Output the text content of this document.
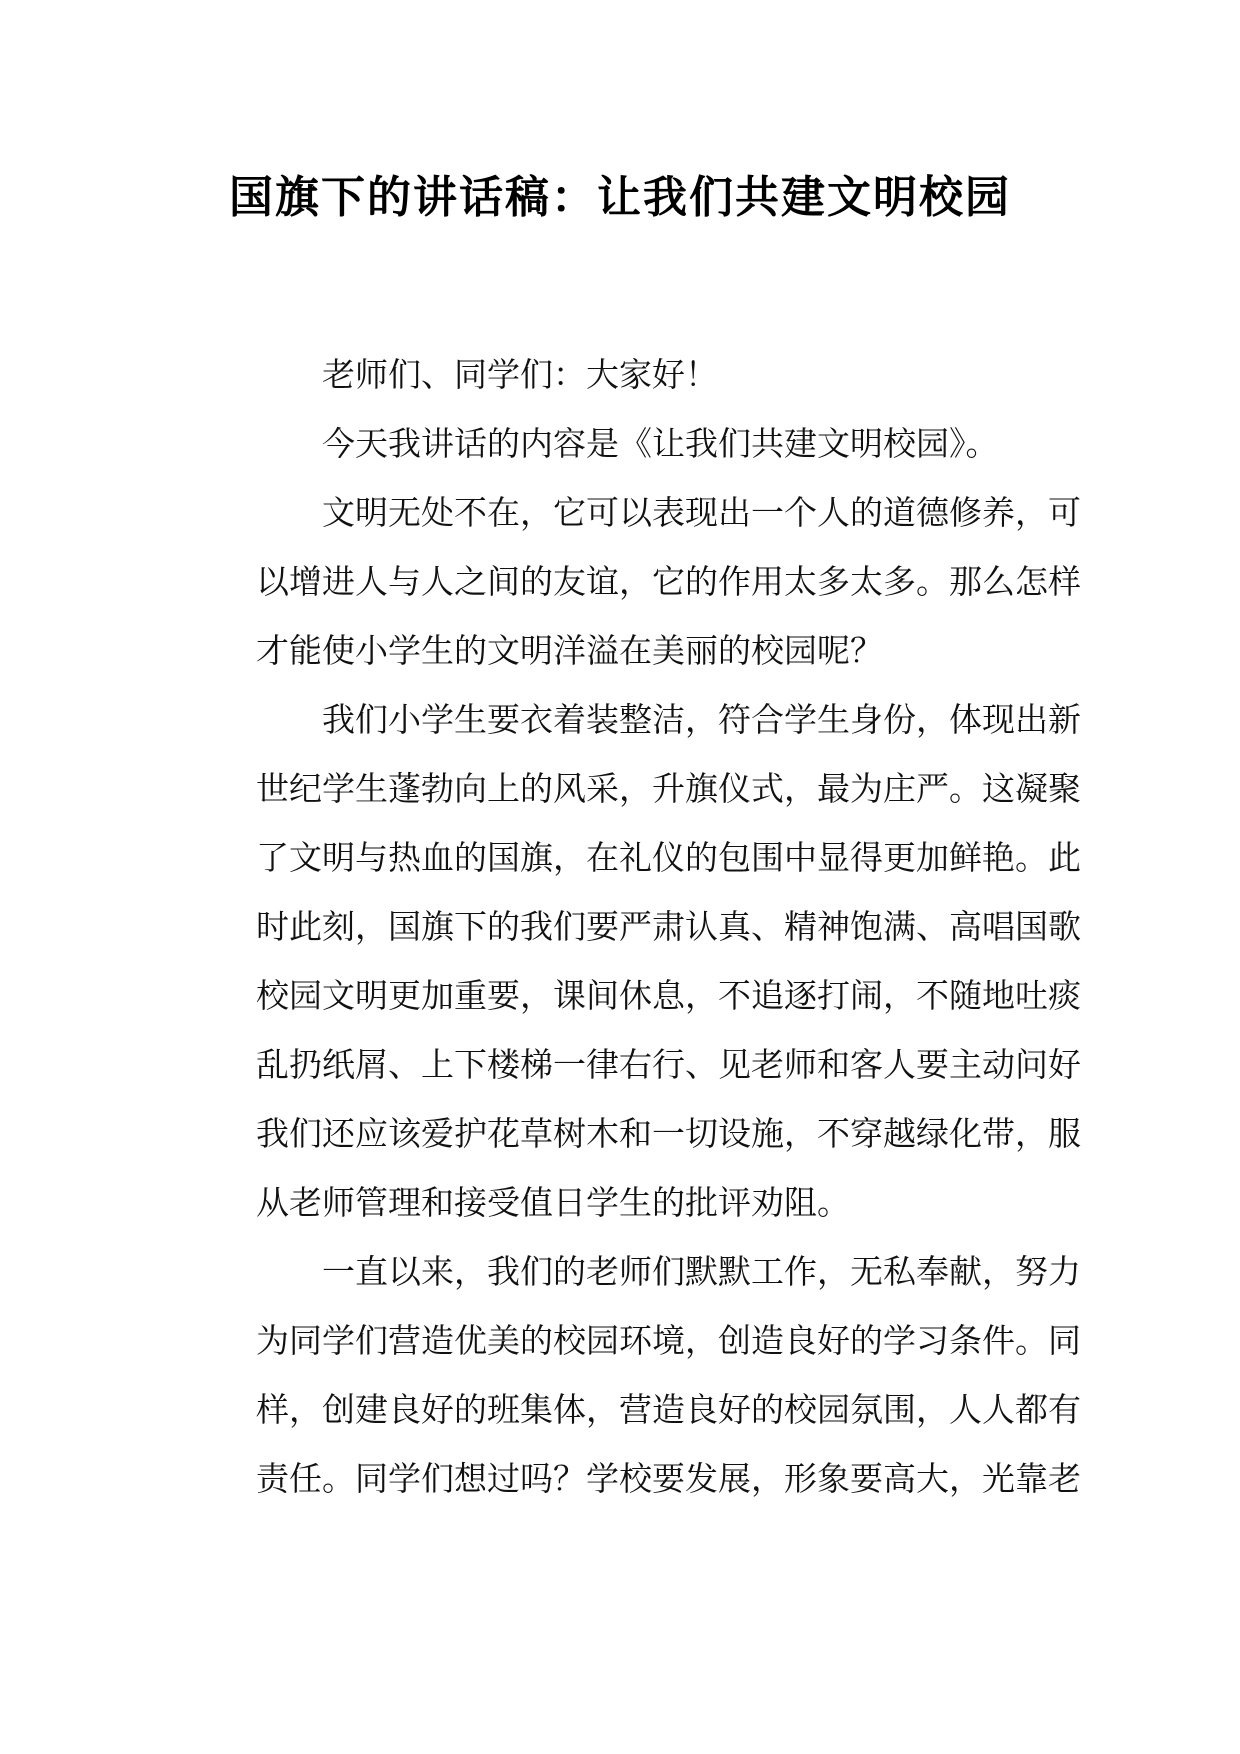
国旗下的讲话稿：让我们共建文明校园
老师们、同学们：大家好！
今天我讲话的内容是《让我们共建文明校园》。
文明无处不在，它可以表现出一个人的道德修养，可
以增进人与人之间的友谊，它的作用太多太多。那么怎样
才能使小学生的文明洋溢在美丽的校园呢？
我们小学生要衣着装整洁，符合学生身份，体现出新
世纪学生蓬勃向上的风采，升旗仪式，最为庄严。这凝聚
了文明与热血的国旗，在礼仪的包围中显得更加鲜艳。此
时此刻，国旗下的我们要严肃认真、精神饱满、高唱国歌
校园文明更加重要，课间休息，不追逐打闹，不随地吐痰
乱扔纸屑、上下楼梯一律右行、见老师和客人要主动问好
我们还应该爱护花草树木和一切设施，不穿越绿化带，服
从老师管理和接受值日学生的批评劝阻。
一直以来，我们的老师们默默工作，无私奉献，努力
为同学们营造优美的校园环境，创造良好的学习条件。同
样，创建良好的班集体，营造良好的校园氛围，人人都有
责任。同学们想过吗？学校要发展，形象要高大，光靠老
